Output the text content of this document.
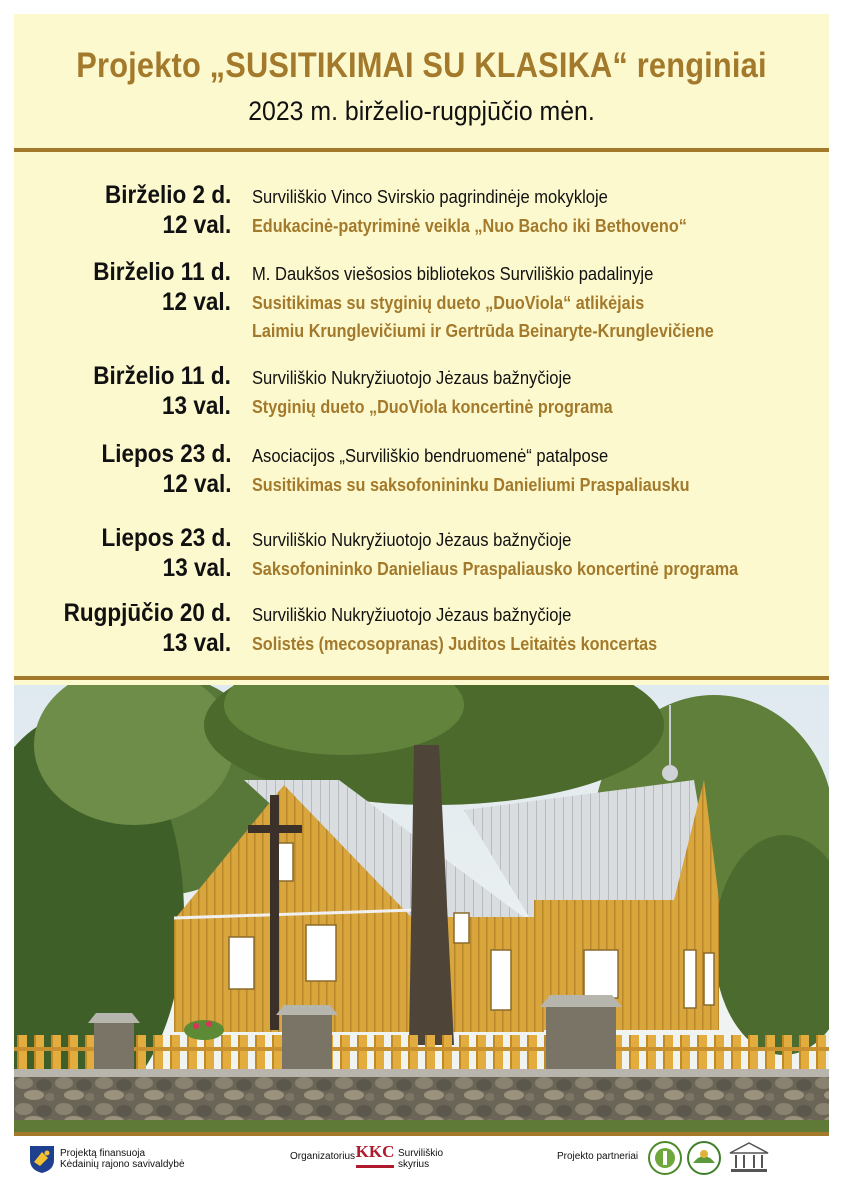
Projekto „SUSITIKIMAI SU KLASIKA“ renginiai
2023 m. birželio-rugpjūčio mėn.
Birželio 2 d.
12 val.
Surviliškio Vinco Svirskio pagrindinėje mokykloje
Edukacinė-patyriminė veikla „Nuo Bacho iki Bethoveno“
Birželio 11 d.
12 val.
M. Daukšos viešosios bibliotekos Surviliškio padalinyje
Susitikimas su styginių dueto „DuoViola“ atlikėjais
Laimiu Krunglevičiumi ir Gertrūda Beinaryte-Krunglevičiene
Birželio 11 d.
13 val.
Surviliškio Nukryžiuotojo Jėzaus bažnyčioje
Styginių dueto „DuoViola koncertinė programa
Liepos 23 d.
12 val.
Asociacijos „Surviliškio bendruomenė“ patalpose
Susitikimas su saksofonininku Danieliumi Praspaliausku
Liepos 23 d.
13 val.
Surviliškio Nukryžiuotojo Jėzaus bažnyčioje
Saksofonininko Danieliaus Praspaliausko koncertinė programa
Rugpjūčio 20 d.
13 val.
Surviliškio Nukryžiuotojo Jėzaus bažnyčioje
Solistės (mecosopranas) Juditos Leitaitės koncertas
Projektą finansuoja
Kėdainių rajono savivaldybė
Organizatorius KKC Surviliškio
skyrius
Projekto partneriai
